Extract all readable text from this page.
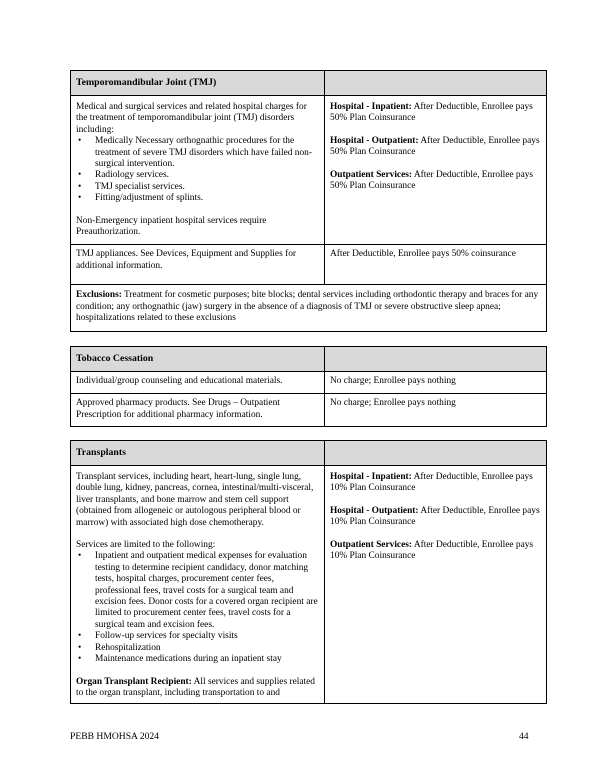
Temporomandibular Joint (TMJ)

Medical and surgical services and related hospital charges for the treatment of temporomandibular joint (TMJ) disorders including:

• Medically Necessary orthognathic procedures for the treatment of severe TMJ disorders which have failed non-surgical intervention.
• Radiology services.
• TMJ specialist services.
• Fitting/adjustment of splints.

Non-Emergency inpatient hospital services require Preauthorization.

Hospital - Inpatient: After Deductible, Enrollee pays 50% Plan Coinsurance

Hospital - Outpatient: After Deductible, Enrollee pays 50% Plan Coinsurance

Outpatient Services: After Deductible, Enrollee pays 50% Plan Coinsurance

TMJ appliances. See Devices, Equipment and Supplies for additional information.

After Deductible, Enrollee pays 50% coinsurance

Exclusions: Treatment for cosmetic purposes; bite blocks; dental services including orthodontic therapy and braces for any condition; any orthognathic (jaw) surgery in the absence of a diagnosis of TMJ or severe obstructive sleep apnea; hospitalizations related to these exclusions

Tobacco Cessation

Individual/group counseling and educational materials.	No charge; Enrollee pays nothing

Approved pharmacy products. See Drugs – Outpatient Prescription for additional pharmacy information.

No charge; Enrollee pays nothing

Transplants

Transplant services, including heart, heart-lung, single lung, double lung, kidney, pancreas, cornea, intestinal/multi-visceral, liver transplants, and bone marrow and stem cell support (obtained from allogeneic or autologous peripheral blood or marrow) with associated high dose chemotherapy.

Services are limited to the following:

• Inpatient and outpatient medical expenses for evaluation testing to determine recipient candidacy, donor matching tests, hospital charges, procurement center fees, professional fees, travel costs for a surgical team and excision fees. Donor costs for a covered organ recipient are limited to procurement center fees, travel costs for a surgical team and excision fees.
• Follow-up services for specialty visits
• Rehospitalization
• Maintenance medications during an inpatient stay

Organ Transplant Recipient: All services and supplies related to the organ transplant, including transportation to and

Hospital - Inpatient: After Deductible, Enrollee pays 10% Plan Coinsurance

Hospital - Outpatient: After Deductible, Enrollee pays 10% Plan Coinsurance

Outpatient Services: After Deductible, Enrollee pays 10% Plan Coinsurance

PEBB HMOHSA 2024	44
